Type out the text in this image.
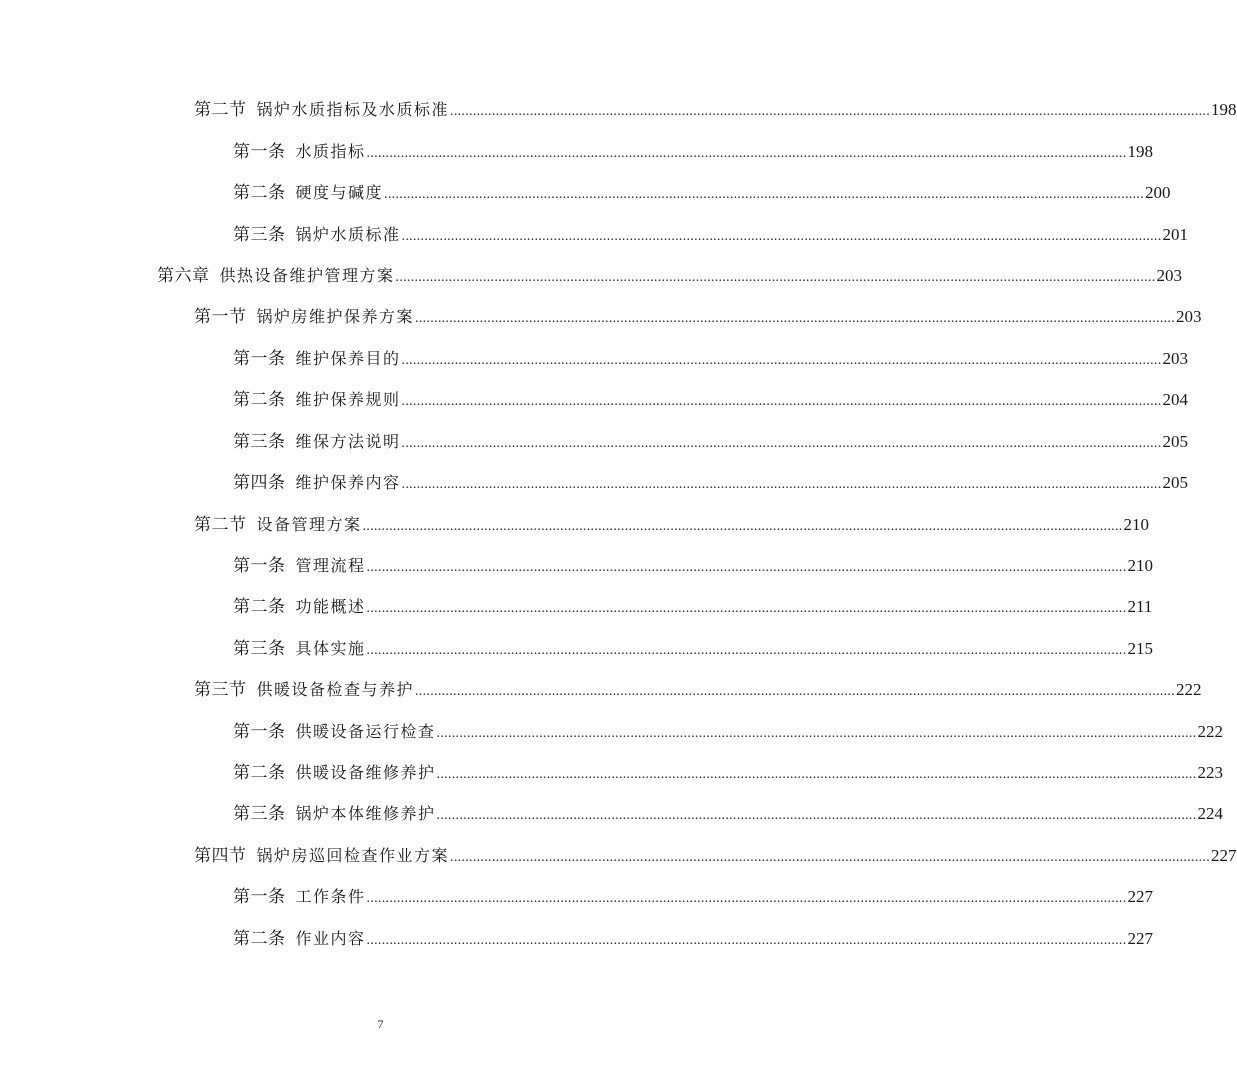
第二节 锅炉水质指标及水质标准 ........................................................................................................................................................................................................ 198
第一条 水质指标 ........................................................................................................................................................................................................ 198
第二条 硬度与碱度 ........................................................................................................................................................................................................ 200
第三条 锅炉水质标准 ........................................................................................................................................................................................................ 201
第六章 供热设备维护管理方案 ........................................................................................................................................................................................................ 203
第一节 锅炉房维护保养方案 ........................................................................................................................................................................................................ 203
第一条 维护保养目的 ........................................................................................................................................................................................................ 203
第二条 维护保养规则 ........................................................................................................................................................................................................ 204
第三条 维保方法说明 ........................................................................................................................................................................................................ 205
第四条 维护保养内容 ........................................................................................................................................................................................................ 205
第二节 设备管理方案 ........................................................................................................................................................................................................ 210
第一条 管理流程 ........................................................................................................................................................................................................ 210
第二条 功能概述 ........................................................................................................................................................................................................ 211
第三条 具体实施 ........................................................................................................................................................................................................ 215
第三节 供暖设备检查与养护 ........................................................................................................................................................................................................ 222
第一条 供暖设备运行检查 ........................................................................................................................................................................................................ 222
第二条 供暖设备维修养护 ........................................................................................................................................................................................................ 223
第三条 锅炉本体维修养护 ........................................................................................................................................................................................................ 224
第四节 锅炉房巡回检查作业方案 ........................................................................................................................................................................................................ 227
第一条 工作条件 ........................................................................................................................................................................................................ 227
第二条 作业内容 ........................................................................................................................................................................................................ 227
7
